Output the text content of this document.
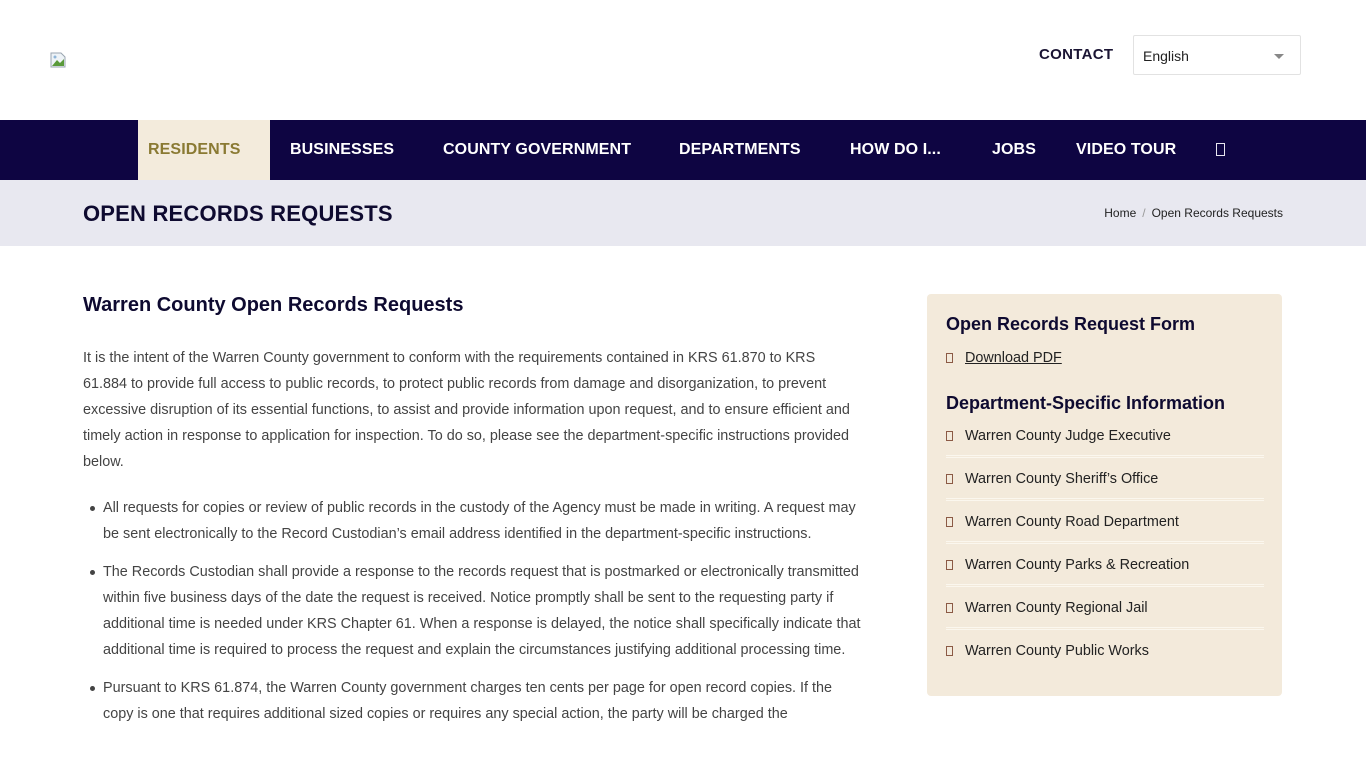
CONTACT English
RESIDENTS	BUSINESSES	COUNTY GOVERNMENT	DEPARTMENTS	HOW DO I...	JOBS	VIDEO TOUR
OPEN RECORDS REQUESTS	Home / Open Records Requests
Warren County Open Records Requests

It is the intent of the Warren County government to conform with the requirements contained in KRS 61.870 to KRS 61.884 to provide full access to public records, to protect public records from damage and disorganization, to prevent excessive disruption of its essential functions, to assist and provide information upon request, and to ensure efficient and timely action in response to application for inspection. To do so, please see the department-specific instructions provided below.

All requests for copies or review of public records in the custody of the Agency must be made in writing. A request may be sent electronically to the Record Custodian’s email address identified in the department-specific instructions.
The Records Custodian shall provide a response to the records request that is postmarked or electronically transmitted within five business days of the date the request is received. Notice promptly shall be sent to the requesting party if additional time is needed under KRS Chapter 61. When a response is delayed, the notice shall specifically indicate that additional time is required to process the request and explain the circumstances justifying additional processing time.
Pursuant to KRS 61.874, the Warren County government charges ten cents per page for open record copies. If the copy is one that requires additional sized copies or requires any special action, the party will be charged the
Open Records Request Form
Download PDF
Department-Specific Information
Warren County Judge Executive
Warren County Sheriff’s Office
Warren County Road Department
Warren County Parks & Recreation
Warren County Regional Jail
Warren County Public Works
